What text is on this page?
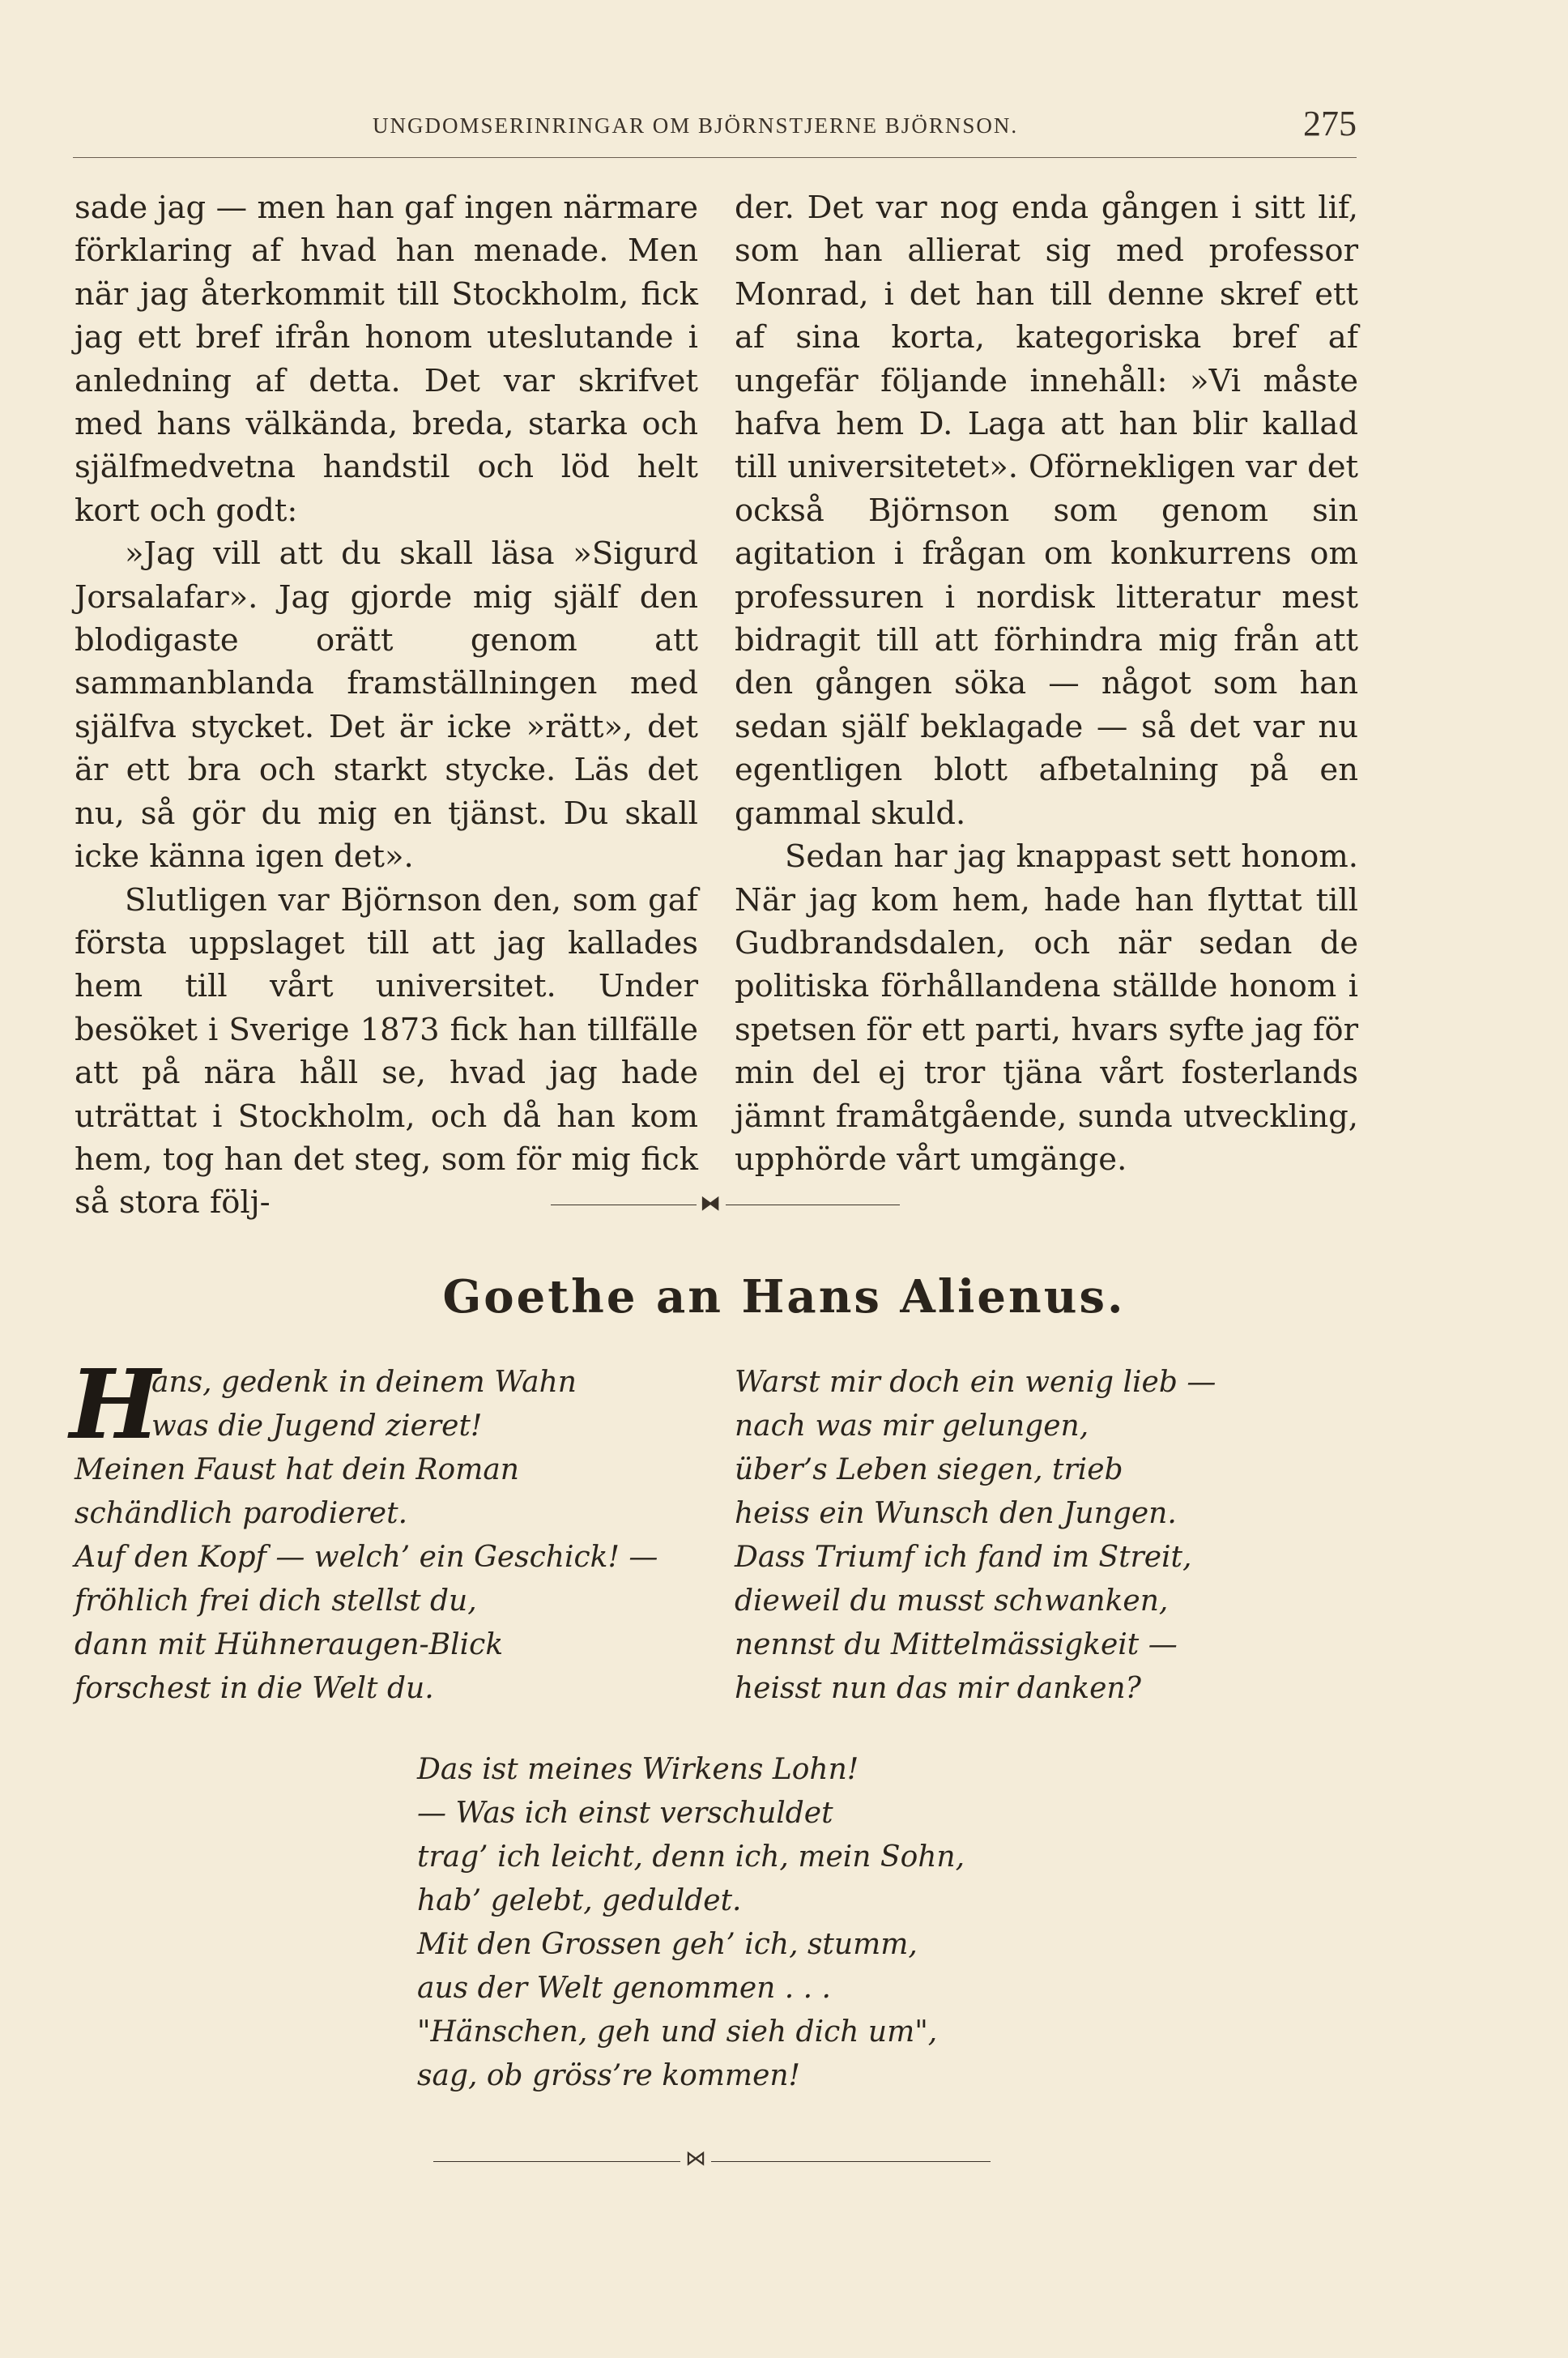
UNGDOMSERINRINGAR OM BJÖRNSTJERNE BJÖRNSON.	275

sade jag — men han gaf ingen närmare förklaring af hvad han menade. Men när jag återkommit till Stockholm, fick jag ett bref ifrån honom uteslutande i anledning af detta. Det var skrifvet med hans välkända, breda, starka och själfmedvetna handstil och löd helt kort och godt:

»Jag vill att du skall läsa »Sigurd Jorsalafar». Jag gjorde mig själf den blodigaste orätt genom att sammanblanda framställningen med själfva stycket. Det är icke »rätt», det är ett bra och starkt stycke. Läs det nu, så gör du mig en tjänst. Du skall icke känna igen det».

Slutligen var Björnson den, som gaf första uppslaget till att jag kallades hem till vårt universitet. Under besöket i Sverige 1873 fick han tillfälle att på nära håll se, hvad jag hade uträttat i Stockholm, och då han kom hem, tog han det steg, som för mig fick så stora följ-

der. Det var nog enda gången i sitt lif, som han allierat sig med professor Monrad, i det han till denne skref ett af sina korta, kategoriska bref af ungefär följande innehåll: »Vi måste hafva hem D. Laga att han blir kallad till universitetet». Oförnekligen var det också Björnson som genom sin agitation i frågan om konkurrens om professuren i nordisk litteratur mest bidragit till att förhindra mig från att den gången söka — något som han sedan själf beklagade — så det var nu egentligen blott afbetalning på en gammal skuld.

Sedan har jag knappast sett honom. När jag kom hem, hade han flyttat till Gudbrandsdalen, och när sedan de politiska förhållandena ställde honom i spetsen för ett parti, hvars syfte jag för min del ej tror tjäna vårt fosterlands jämnt framåtgående, sunda utveckling, upphörde vårt umgänge.

⧓
Goethe an Hans Alienus.
H
ans, gedenk in deinem Wahn
was die Jugend zieret!
Meinen Faust hat dein Roman
schändlich parodieret.
Auf den Kopf — welch’ ein Geschick! —
fröhlich frei dich stellst du,
dann mit Hühneraugen-Blick
forschest in die Welt du.
Warst mir doch ein wenig lieb —
nach was mir gelungen,
über’s Leben siegen, trieb
heiss ein Wunsch den Jungen.
Dass Triumf ich fand im Streit,
dieweil du musst schwanken,
nennst du Mittelmässigkeit —
heisst nun das mir danken?
Das ist meines Wirkens Lohn!
— Was ich einst verschuldet
trag’ ich leicht, denn ich, mein Sohn,
hab’ gelebt, geduldet.
Mit den Grossen geh’ ich, stumm,
aus der Welt genommen . . .
"Hänschen, geh und sieh dich um",
sag, ob gröss’re kommen!
⋈
